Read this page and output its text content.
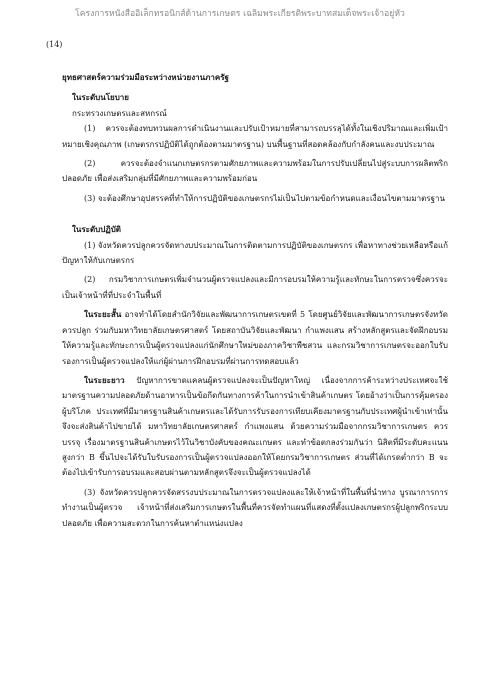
โครงการหนังสืออิเล็กทรอนิกส์ด้านการเกษตร เฉลิมพระเกียรติพระบาทสมเด็จพระเจ้าอยู่หัว
(14)

ยุทธศาสตร์ความร่วมมือระหว่างหน่วยงานภาครัฐ

ในระดับนโยบาย

กระทรวงเกษตรและสหกรณ์

(1) ควรจะต้องทบทวนผลการดำเนินงานและปรับเป้าหมายที่สามารถบรรลุได้ทั้งในเชิงปริมาณและเพิ่มเป้าหมายเชิงคุณภาพ (เกษตรกรปฏิบัติได้ถูกต้องตามมาตรฐาน) บนพื้นฐานที่สอดคล้องกับกำลังคนและงบประมาณ

(2) ควรจะต้องจำแนกเกษตรกรตามศักยภาพและความพร้อมในการปรับเปลี่ยนไปสู่ระบบการผลิตพริกปลอดภัย เพื่อส่งเสริมกลุ่มที่มีศักยภาพและความพร้อมก่อน

(3) จะต้องศึกษาอุปสรรคที่ทำให้การปฏิบัติของเกษตรกรไม่เป็นไปตามข้อกำหนดและเงื่อนไขตามมาตรฐาน

ในระดับปฏิบัติ

(1) จังหวัดควรปลูกควรจัดทางบประมาณในการติดตามการปฏิบัติของเกษตรกร เพื่อหาทางช่วยเหลือหรือแก้ปัญหาให้กับเกษตรกร

(2) กรมวิชาการเกษตรเพิ่มจำนวนผู้ตรวจแปลงและมีการอบรมให้ความรู้และทักษะในการตรวจซึ่งควรจะเป็นเจ้าหน้าที่ที่ประจำในพื้นที่

ในระยะสั้น อาจทำได้โดยสำนักวิจัยและพัฒนาการเกษตรเขตที่ 5 โดยศูนย์วิจัยและพัฒนาการเกษตรจังหวัดควรปลูก ร่วมกับมหาวิทยาลัยเกษตรศาสตร์ โดยสถาบันวิจัยและพัฒนา กำแพงแสน สร้างหลักสูตรและจัดฝึกอบรมให้ความรู้และทักษะการเป็นผู้ตรวจแปลงแก่นักศึกษาใหม่ของภาควิชาพืชสวน และกรมวิชาการเกษตรจะออกใบรับรองการเป็นผู้ตรวจแปลงให้แก่ผู้ผ่านการฝึกอบรมที่ผ่านการทดสอบแล้ว

ในระยะยาว ปัญหาการขาดแคลนผู้ตรวจแปลงจะเป็นปัญหาใหญ่ เนื่องจากการค้าระหว่างประเทศจะใช้มาตรฐานความปลอดภัยด้านอาหารเป็นข้อกีดกันทางการค้าในการนำเข้าสินค้าเกษตร โดยอ้างว่าเป็นการคุ้มครองผู้บริโภค ประเทศที่มีมาตรฐานสินค้าเกษตรและได้รับการรับรองการเทียบเคียงมาตรฐานกับประเทศผู้นำเข้าเท่านั้น จึงจะส่งสินค้าไปขายได้ มหาวิทยาลัยเกษตรศาสตร์ กำแพงแสน ด้วยความร่วมมือจากกรมวิชาการเกษตร ควรบรรจุ เรื่องมาตรฐานสินค้าเกษตรไว้ในวิชาบังคับของคณะเกษตร และทำข้อตกลงร่วมกันว่า นิสิตที่มีระดับคะแนนสูงกว่า B ขึ้นไปจะได้รับใบรับรองการเป็นผู้ตรวจแปลงออกให้โดยกรมวิชาการเกษตร ส่วนที่ได้เกรดต่ำกว่า B จะต้องไปเข้ารับการอบรมและสอบผ่านตามหลักสูตรจึงจะเป็นผู้ตรวจแปลงได้

(3) จังหวัดควรปลูกควรจัดสรรงบประมาณในการตรวจแปลงและให้เจ้าหน้าที่ในพื้นที่นำทาง บูรณาการการทำงานเป็นผู้ตรวจ เจ้าหน้าที่ส่งเสริมการเกษตรในพื้นที่ควรจัดทำแผนที่แสดงที่ตั้งแปลงเกษตรกรผู้ปลูกพริกระบบปลอดภัย เพื่อความสะดวกในการค้นหาตำแหน่งแปลง
